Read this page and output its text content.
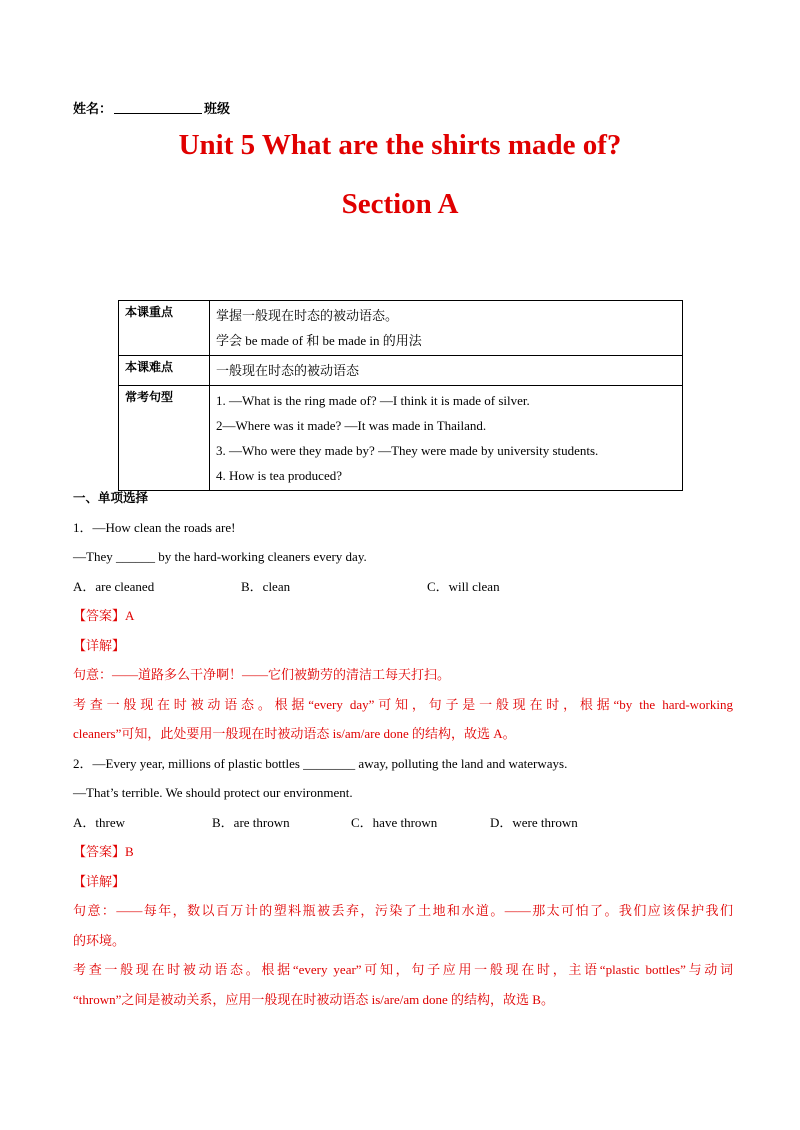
姓名：	班级
Unit 5 What are the shirts made of?
Section A
本课重点	掌握一般现在时态的被动语态。
学会 be made of 和 be made in 的用法

本课难点	一般现在时态的被动语态

常考句型	1. —What is the ring made of? —I think it is made of silver.
2—Where was it made? —It was made in Thailand.
3. —Who were they made by? —They were made by university students.
4. How is tea produced?
一、单项选择
1．—How clean the roads are!
—They ______ by the hard-working cleaners every day.
A．are cleaned	B．clean	C．will clean
【答案】A
【详解】
句意：——道路多么干净啊！——它们被勤劳的清洁工每天打扫。
考查一般现在时被动语态。根据“every day”可知，句子是一般现在时，根据“by the hard-working
cleaners”可知，此处要用一般现在时被动语态 is/am/are done 的结构，故选 A。
2．—Every year, millions of plastic bottles ________ away, polluting the land and waterways.
—That’s terrible. We should protect our environment.
A．threw	B．are thrown	C．have thrown	D．were thrown
【答案】B
【详解】
句意：——每年，数以百万计的塑料瓶被丢弃，污染了土地和水道。——那太可怕了。我们应该保护我们
的环境。
考查一般现在时被动语态。根据“every year”可知，句子应用一般现在时，主语“plastic bottles”与动词
“thrown”之间是被动关系，应用一般现在时被动语态 is/are/am done 的结构，故选 B。
